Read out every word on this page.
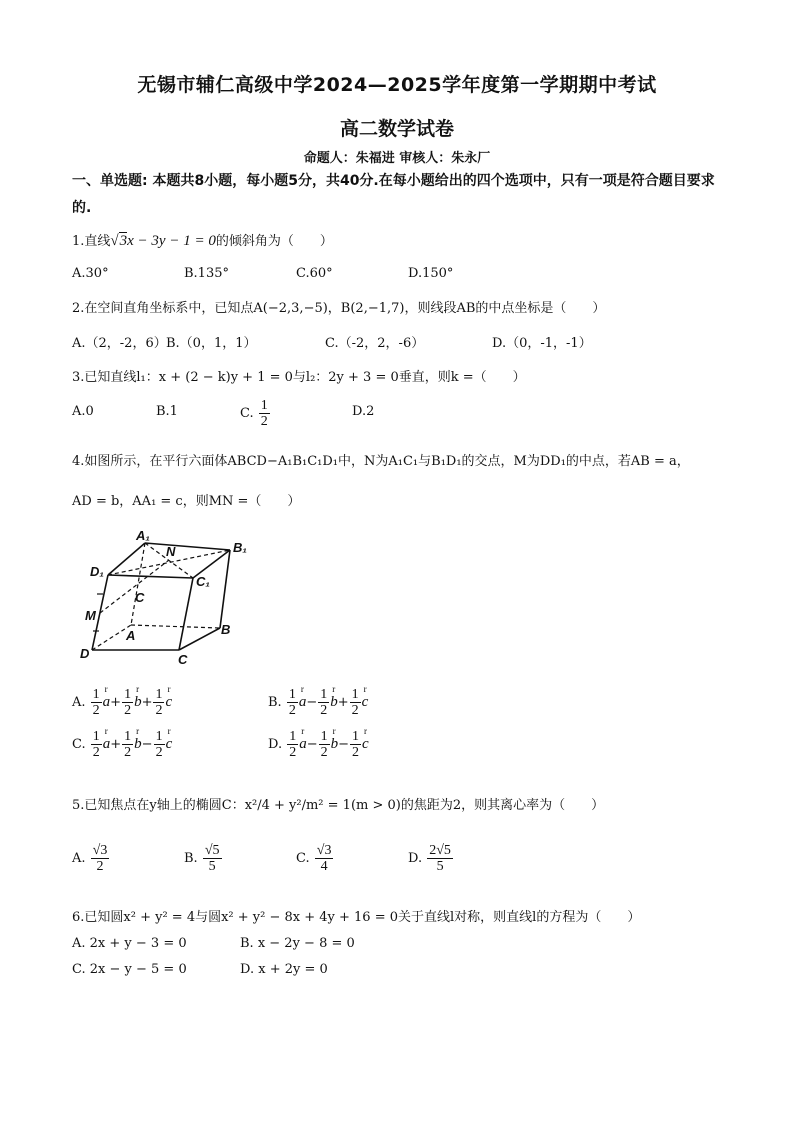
无锡市辅仁高级中学2024—2025学年度第一学期期中考试
高二数学试卷
命题人：朱福进 审核人：朱永厂
一、单选题: 本题共8小题，每小题5分，共40分.在每小题给出的四个选项中，只有一项是符合题目要求的.
1.直线√3x − 3y − 1 = 0的倾斜角为（　　）
A.30°	B.135°	C.60°	D.150°
2.在空间直角坐标系中，已知点A(−2,3,−5)，B(2,−1,7)，则线段AB的中点坐标是（　　）
A.（2，-2，6） B.（0，1，1）	C.（-2，2，-6）	D.（0，-1，-1）
3.已知直线l₁：x + (2 − k)y + 1 = 0与l₂：2y + 3 = 0垂直，则k =（　　）
A.0	B.1	C. $\frac{1}{2}$	D.2
4.如图所示，在平行六面体ABCD−A₁B₁C₁D₁中，N为A₁C₁与B₁D₁的交点，M为DD₁的中点，若AB = a，
AD = b，AA₁ = c，则MN =（　　）
A₁
N	B₁
D₁
C₁
C
M
A	B
D	C
A. $\frac{1}{2}$ r $a+ \frac{1}{2}$ r $b+ \frac{1}{2}$ r c	B. $\frac{1}{2}$ r $a- \frac{1}{2}$ r $b+ \frac{1}{2}$ r c
C. $\frac{1}{2}$ r $a+ \frac{1}{2}$ r $b- \frac{1}{2}$ r c	D. $\frac{1}{2}$ r $a- \frac{1}{2}$ r $b- \frac{1}{2}$ r c
5.已知焦点在y轴上的椭圆C：x²/4 + y²/m² = 1(m > 0)的焦距为2，则其离心率为（　　）
A. $\frac{√3}{2}$	B. $\frac{√5}{5}$	C. $\frac{√3}{4}$	D. $\frac{2√5}{5}$
6.已知圆x² + y² = 4与圆x² + y² − 8x + 4y + 16 = 0关于直线l对称，则直线l的方程为（　　）
A. 2x + y − 3 = 0	B. x − 2y − 8 = 0
C. 2x − y − 5 = 0	D. x + 2y = 0
